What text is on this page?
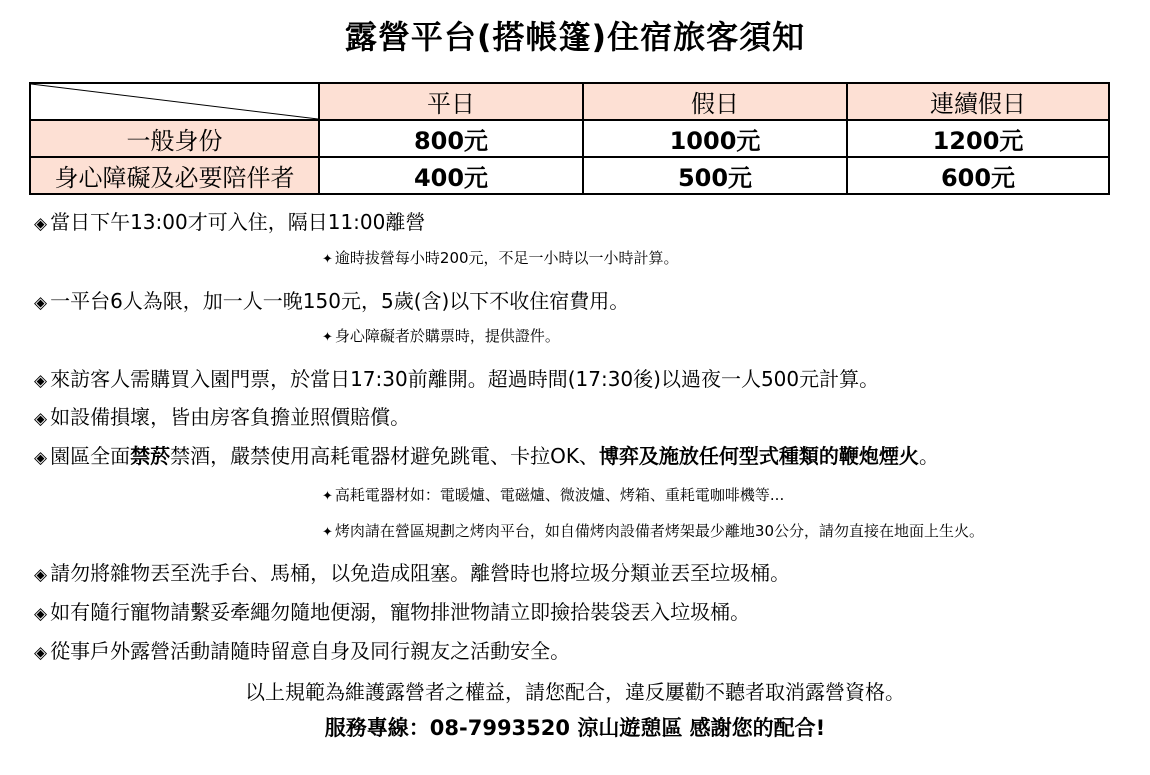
露營平台(搭帳篷)住宿旅客須知
	平日	假日	連續假日
一般身份	800元	1000元	1200元
身心障礙及必要陪伴者	400元	500元	600元
◈ 當日下午13:00才可入住，隔日11:00離營
✦ 逾時拔營每小時200元，不足一小時以一小時計算。
◈ 一平台6人為限，加一人一晚150元，5歲(含)以下不收住宿費用。
✦ 身心障礙者於購票時，提供證件。
◈ 來訪客人需購買入園門票，於當日17:30前離開。超過時間(17:30後)以過夜一人500元計算。
◈ 如設備損壞，皆由房客負擔並照價賠償。
◈ 園區全面禁菸禁酒，嚴禁使用高耗電器材避免跳電、卡拉OK、博弈及施放任何型式種類的鞭炮煙火。
✦ 高耗電器材如：電暖爐、電磁爐、微波爐、烤箱、重耗電咖啡機等...
✦ 烤肉請在營區規劃之烤肉平台，如自備烤肉設備者烤架最少離地30公分，請勿直接在地面上生火。
◈ 請勿將雜物丟至洗手台、馬桶，以免造成阻塞。離營時也將垃圾分類並丟至垃圾桶。
◈ 如有隨行寵物請繫妥牽繩勿隨地便溺，寵物排泄物請立即撿拾裝袋丟入垃圾桶。
◈ 從事戶外露營活動請隨時留意自身及同行親友之活動安全。
以上規範為維護露營者之權益，請您配合，違反屢勸不聽者取消露營資格。
服務專線：08-7993520 涼山遊憩區 感謝您的配合!
